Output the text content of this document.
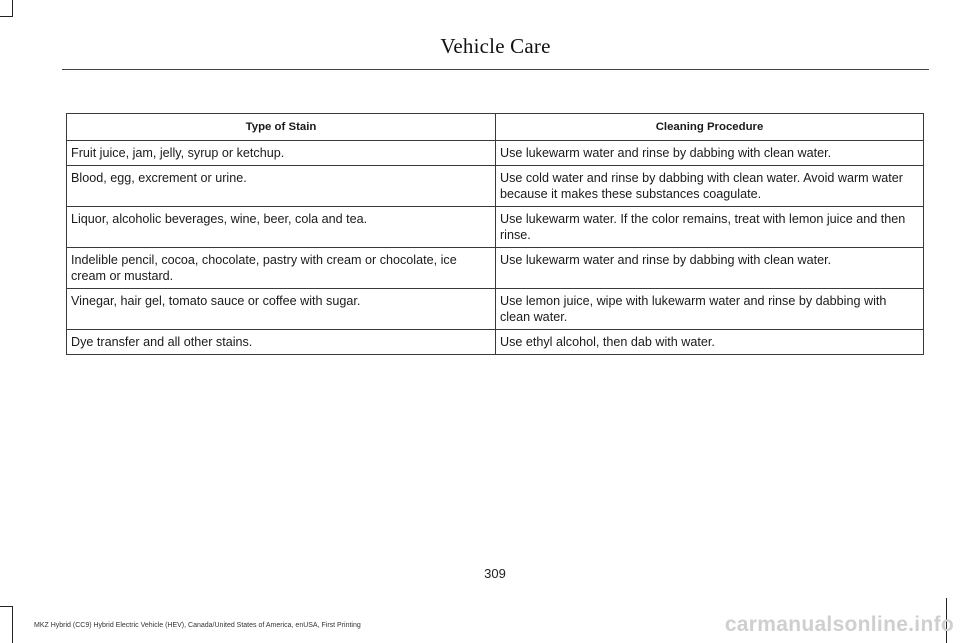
Vehicle Care
Type of Stain	Cleaning Procedure
Fruit juice, jam, jelly, syrup or ketchup.	Use lukewarm water and rinse by dabbing with clean water.
Blood, egg, excrement or urine.	Use cold water and rinse by dabbing with clean water. Avoid warm water because it makes these substances coagulate.
Liquor, alcoholic beverages, wine, beer, cola and tea.	Use lukewarm water. If the color remains, treat with lemon juice and then rinse.
Indelible pencil, cocoa, chocolate, pastry with cream or chocolate, ice cream or mustard.	Use lukewarm water and rinse by dabbing with clean water.
Vinegar, hair gel, tomato sauce or coffee with sugar.	Use lemon juice, wipe with lukewarm water and rinse by dabbing with clean water.
Dye transfer and all other stains.	Use ethyl alcohol, then dab with water.
309
MKZ Hybrid (CC9) Hybrid Electric Vehicle (HEV), Canada/United States of America, enUSA, First Printing	carmanualsonline.info
